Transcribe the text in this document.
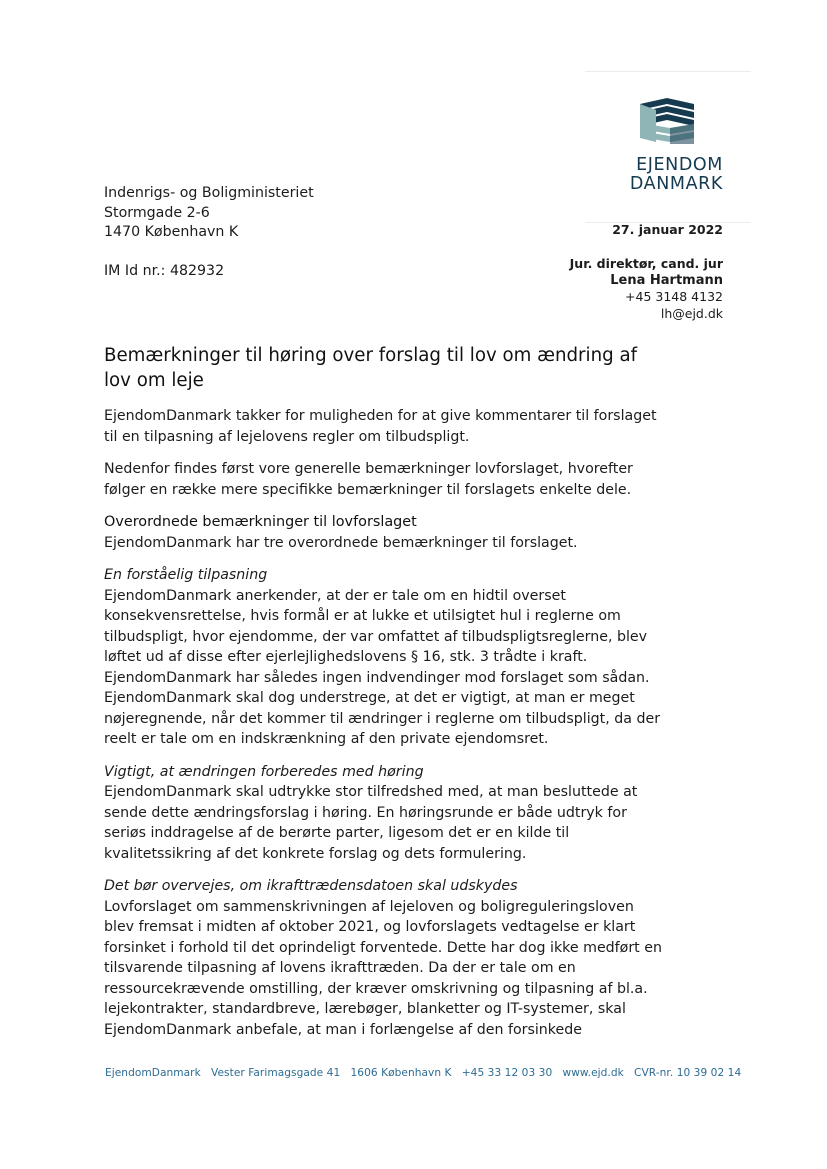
EJENDOM
DANMARK
Indenrigs- og Boligministeriet
Stormgade 2-6
1470 København K
IM Id nr.: 482932
27. januar 2022
Jur. direktør, cand. jur
Lena Hartmann
+45 3148 4132
lh@ejd.dk
Bemærkninger til høring over forslag til lov om ændring af lov om leje

EjendomDanmark takker for muligheden for at give kommentarer til forslaget til en tilpasning af lejelovens regler om tilbudspligt.

Nedenfor findes først vore generelle bemærkninger lovforslaget, hvorefter følger en række mere specifikke bemærkninger til forslagets enkelte dele.

Overordnede bemærkninger til lovforslaget

EjendomDanmark har tre overordnede bemærkninger til forslaget.

En forståelig tilpasning

EjendomDanmark anerkender, at der er tale om en hidtil overset konsekvensrettelse, hvis formål er at lukke et utilsigtet hul i reglerne om tilbudspligt, hvor ejendomme, der var omfattet af tilbudspligtsreglerne, blev løftet ud af disse efter ejerlejlighedslovens § 16, stk. 3 trådte i kraft. EjendomDanmark har således ingen indvendinger mod forslaget som sådan. EjendomDanmark skal dog understrege, at det er vigtigt, at man er meget nøjeregnende, når det kommer til ændringer i reglerne om tilbudspligt, da der reelt er tale om en indskrænkning af den private ejendomsret.

Vigtigt, at ændringen forberedes med høring

EjendomDanmark skal udtrykke stor tilfredshed med, at man besluttede at sende dette ændringsforslag i høring. En høringsrunde er både udtryk for seriøs inddragelse af de berørte parter, ligesom det er en kilde til kvalitetssikring af det konkrete forslag og dets formulering.

Det bør overvejes, om ikrafttrædensdatoen skal udskydes

Lovforslaget om sammenskrivningen af lejeloven og boligreguleringsloven blev fremsat i midten af oktober 2021, og lovforslagets vedtagelse er klart forsinket i forhold til det oprindeligt forventede. Dette har dog ikke medført en tilsvarende tilpasning af lovens ikrafttræden. Da der er tale om en ressourcekrævende omstilling, der kræver omskrivning og tilpasning af bl.a. lejekontrakter, standardbreve, lærebøger, blanketter og IT-systemer, skal EjendomDanmark anbefale, at man i forlængelse af den forsinkede

EjendomDanmark   Vester Farimagsgade 41   1606 København K   +45 33 12 03 30   www.ejd.dk   CVR-nr. 10 39 02 14
